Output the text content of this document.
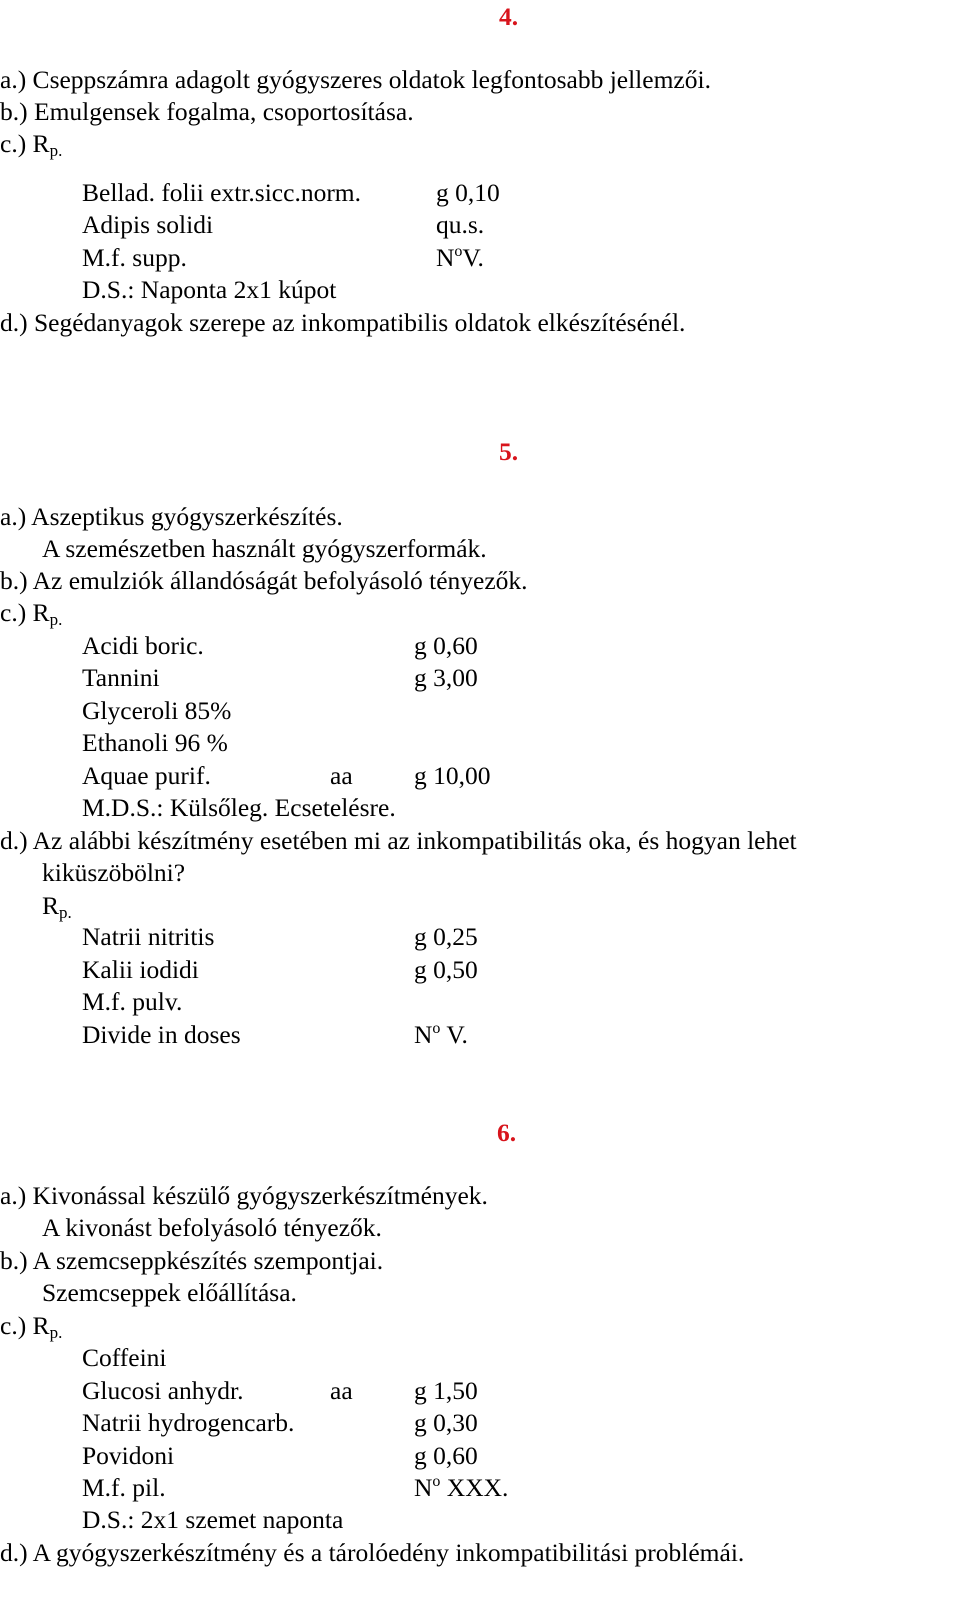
4.
a.) Cseppszámra adagolt gyógyszeres oldatok legfontosabb jellemzői.
b.) Emulgensek fogalma, csoportosítása.
c.) $R_{p.}$
Bellad. folii extr.sicc.norm.	g 0,10
Adipis solidi	qu.s.
M.f. supp.	$N^oV$.
D.S.: Naponta 2x1 kúpot
d.) Segédanyagok szerepe az inkompatibilis oldatok elkészítésénél.
5.
a.) Aszeptikus gyógyszerkészítés.
A szemészetben használt gyógyszerformák.
b.) Az emulziók állandóságát befolyásoló tényezők.
c.) $R_{p.}$
Acidi boric.	g 0,60
Tannini	g 3,00
Glyceroli 85%
Ethanoli 96 %
Aquae purif.	aa g 10,00
M.D.S.: Külsőleg. Ecsetelésre.
d.) Az alábbi készítmény esetében mi az inkompatibilitás oka, és hogyan lehet
kiküszöbölni?
$R_{p.}$
Natrii nitritis	g 0,25
Kalii iodidi	g 0,50
M.f. pulv.
Divide in doses	$N^o$ V.
6.
a.) Kivonással készülő gyógyszerkészítmények.
A kivonást befolyásoló tényezők.
b.) A szemcseppkészítés szempontjai.
Szemcseppek előállítása.
c.) $R_{p.}$
Coffeini
Glucosi anhydr.	aa g 1,50
Natrii hydrogencarb.	g 0,30
Povidoni	g 0,60
M.f. pil.	$N^o$ XXX.
D.S.: 2x1 szemet naponta
d.) A gyógyszerkészítmény és a tárolóedény inkompatibilitási problémái.
